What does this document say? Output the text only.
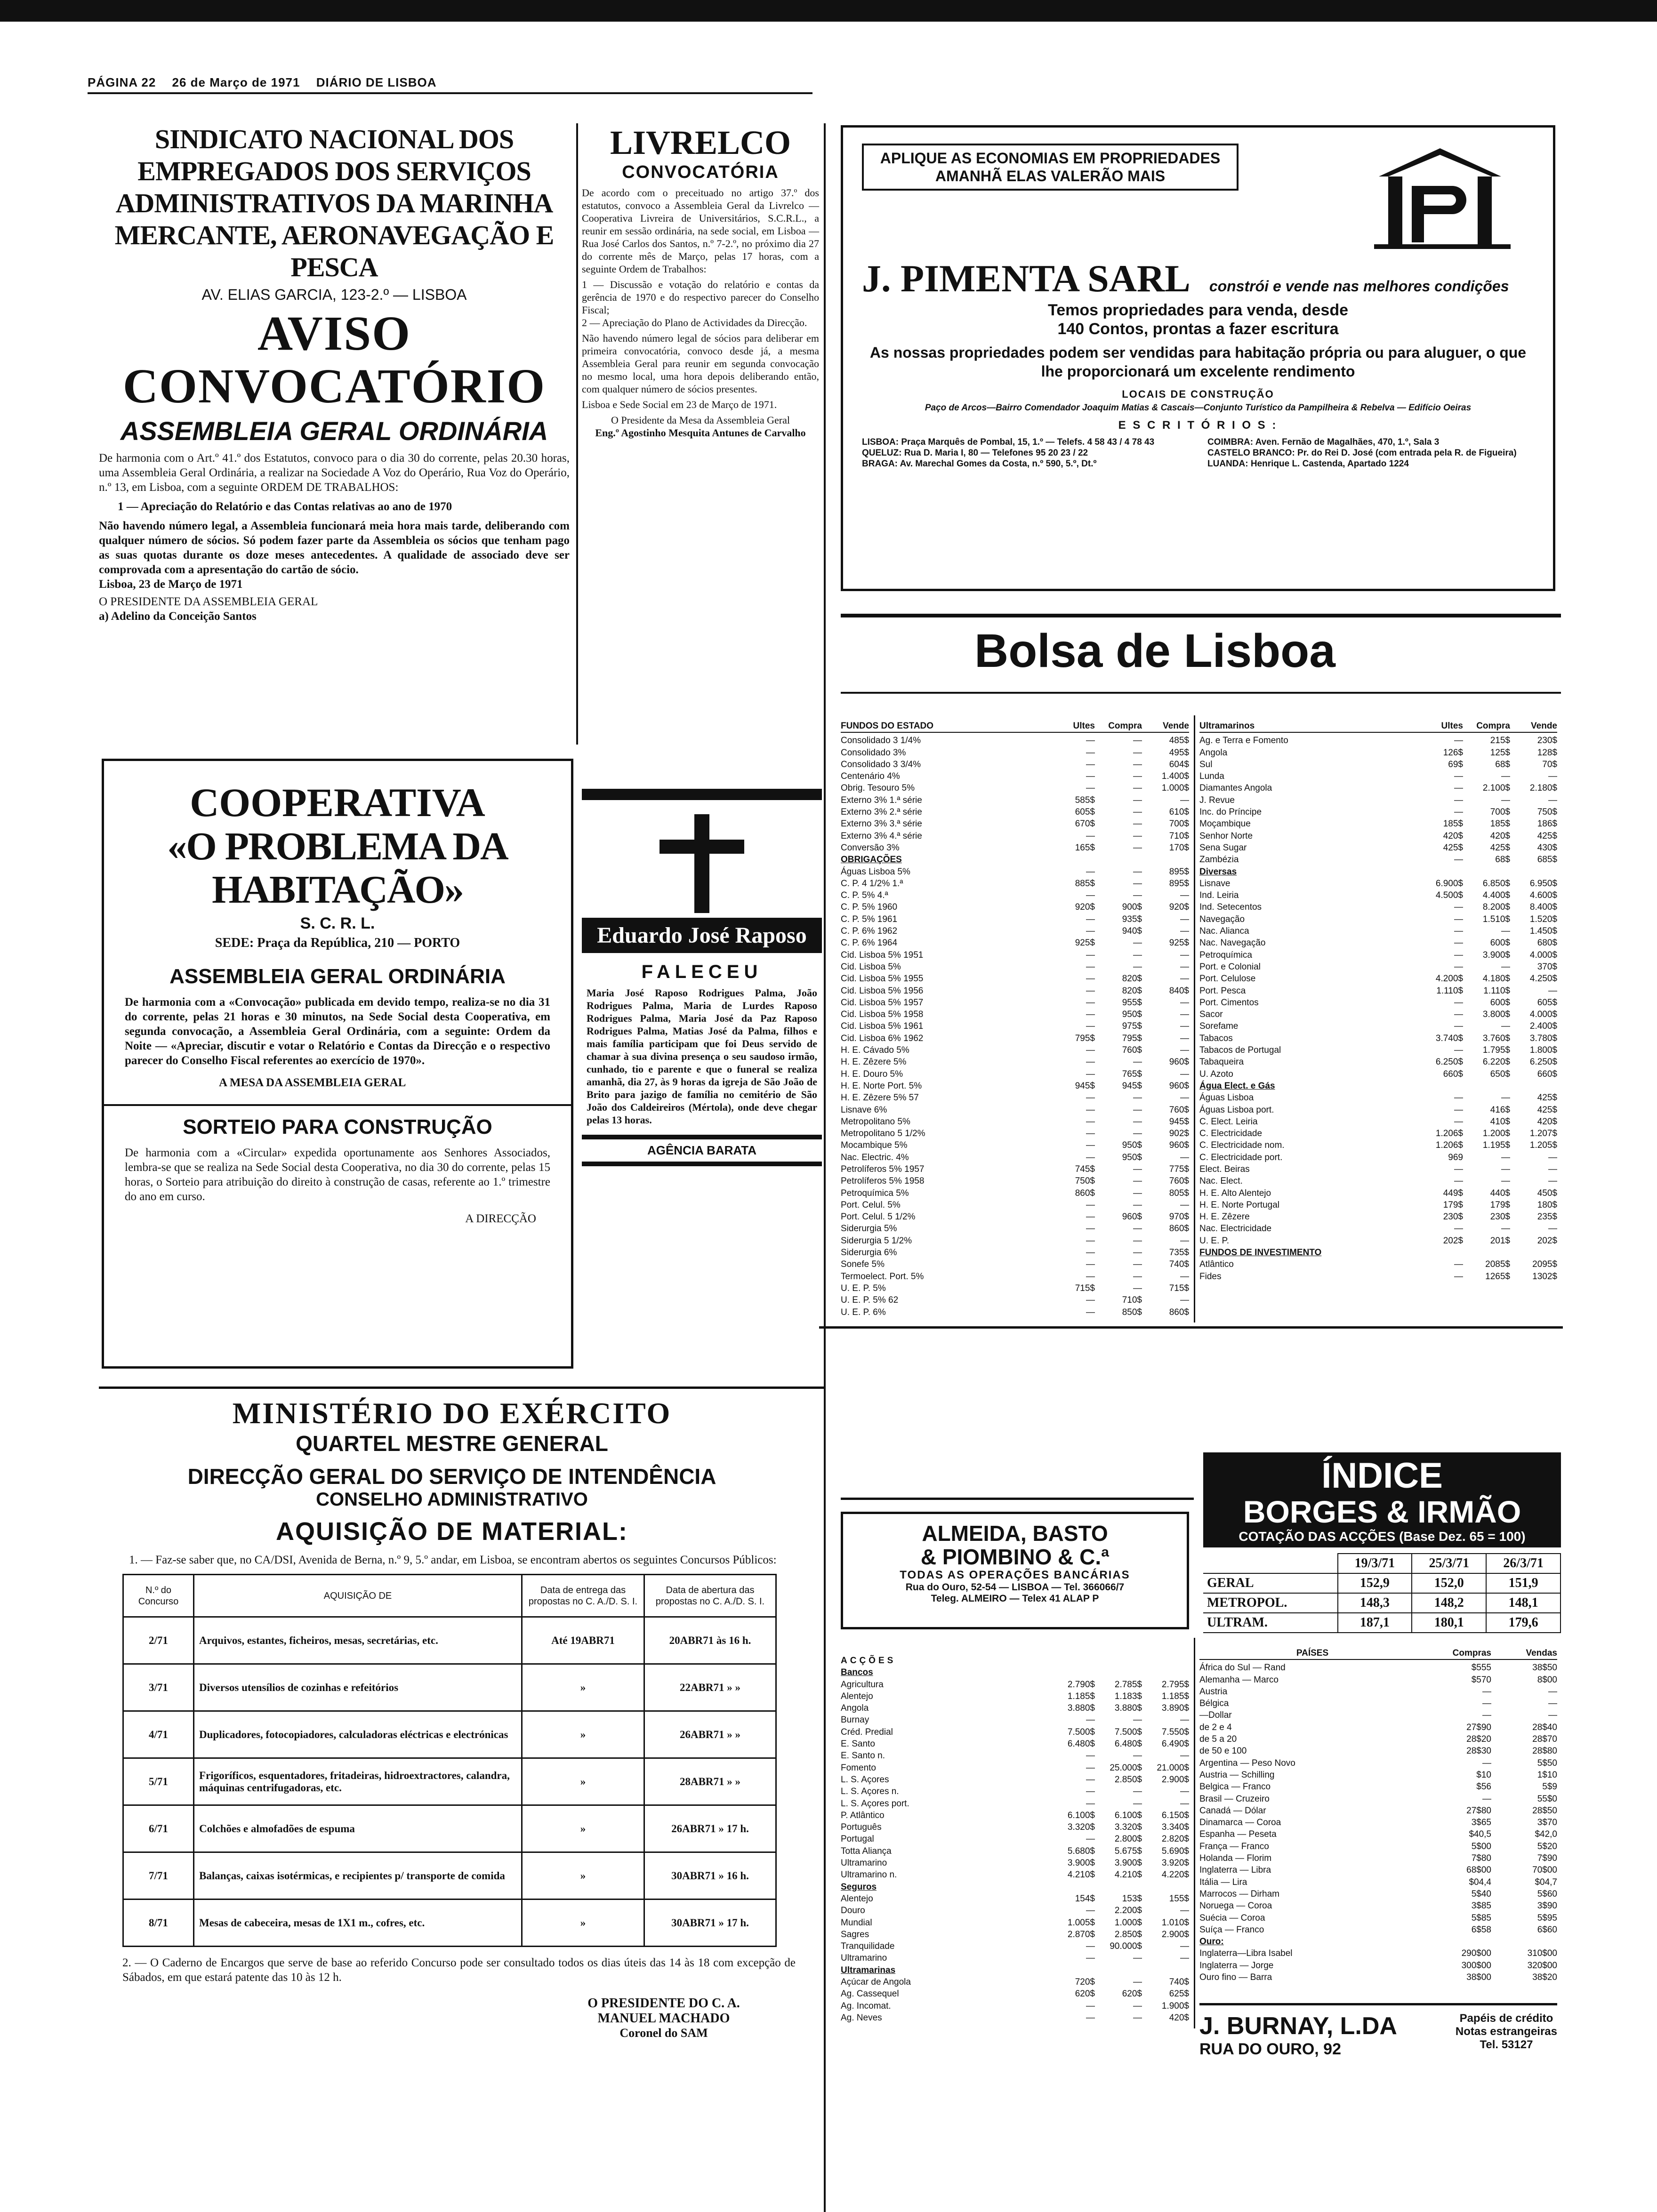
PÁGINA 22 26 de Março de 1971 DIÁRIO DE LISBOA
SINDICATO NACIONAL DOS EMPREGADOS DOS SERVIÇOS ADMINISTRATIVOS DA MARINHA MERCANTE, AERONAVEGAÇÃO E PESCA
AV. ELIAS GARCIA, 123-2.º — LISBOA
AVISO CONVOCATÓRIO
ASSEMBLEIA GERAL ORDINÁRIA

De harmonia com o Art.º 41.º dos Estatutos, convoco para o dia 30 do corrente, pelas 20.30 horas, uma Assembleia Geral Ordinária, a realizar na Sociedade A Voz do Operário, Rua Voz do Operário, n.º 13, em Lisboa, com a seguinte ORDEM DE TRABALHOS:

1 — Apreciação do Relatório e das Contas relativas ao ano de 1970

Não havendo número legal, a Assembleia funcionará meia hora mais tarde, deliberando com qualquer número de sócios. Só podem fazer parte da Assembleia os sócios que tenham pago as suas quotas durante os doze meses antecedentes. A qualidade de associado deve ser comprovada com a apresentação do cartão de sócio.

Lisboa, 23 de Março de 1971

O PRESIDENTE DA ASSEMBLEIA GERAL

a) Adelino da Conceição Santos

COOPERATIVA
«O PROBLEMA DA HABITAÇÃO»
S. C. R. L.
SEDE: Praça da República, 210 — PORTO
ASSEMBLEIA GERAL ORDINÁRIA

De harmonia com a «Convocação» publicada em devido tempo, realiza-se no dia 31 do corrente, pelas 21 horas e 30 minutos, na Sede Social desta Cooperativa, em segunda convocação, a Assembleia Geral Ordinária, com a seguinte: Ordem da Noite — «Apreciar, discutir e votar o Relatório e Contas da Direcção e o respectivo parecer do Conselho Fiscal referentes ao exercício de 1970».

A MESA DA ASSEMBLEIA GERAL

SORTEIO PARA CONSTRUÇÃO

De harmonia com a «Circular» expedida oportunamente aos Senhores Associados, lembra-se que se realiza na Sede Social desta Cooperativa, no dia 30 do corrente, pelas 15 horas, o Sorteio para atribuição do direito à construção de casas, referente ao 1.º trimestre do ano em curso.

A DIRECÇÃO

LIVRELCO
CONVOCATÓRIA

De acordo com o preceituado no artigo 37.º dos estatutos, convoco a Assembleia Geral da Livrelco — Cooperativa Livreira de Universitários, S.C.R.L., a reunir em sessão ordinária, na sede social, em Lisboa — Rua José Carlos dos Santos, n.º 7-2.º, no próximo dia 27 do corrente mês de Março, pelas 17 horas, com a seguinte Ordem de Trabalhos:

1 — Discussão e votação do relatório e contas da gerência de 1970 e do respectivo parecer do Conselho Fiscal;

2 — Apreciação do Plano de Actividades da Direcção.

Não havendo número legal de sócios para deliberar em primeira convocatória, convoco desde já, a mesma Assembleia Geral para reunir em segunda convocação no mesmo local, uma hora depois deliberando então, com qualquer número de sócios presentes.

Lisboa e Sede Social em 23 de Março de 1971.

O Presidente da Mesa da Assembleia Geral

Eng.º Agostinho Mesquita Antunes de Carvalho

Eduardo José Raposo
FALECEU

Maria José Raposo Rodrigues Palma, João Rodrigues Palma, Maria de Lurdes Raposo Rodrigues Palma, Maria José da Paz Raposo Rodrigues Palma, Matias José da Palma, filhos e mais família participam que foi Deus servido de chamar à sua divina presença o seu saudoso irmão, cunhado, tio e parente e que o funeral se realiza amanhã, dia 27, às 9 horas da igreja de São João de Brito para jazigo de família no cemitério de São João dos Caldeireiros (Mértola), onde deve chegar pelas 13 horas.

AGÊNCIA BARATA
APLIQUE AS ECONOMIAS EM PROPRIEDADES AMANHÃ ELAS VALERÃO MAIS
J. PIMENTA SARL constrói e vende nas melhores condições
Temos propriedades para venda, desde
140 Contos, prontas a fazer escritura
As nossas propriedades podem ser vendidas para habitação própria ou para aluguer, o que lhe proporcionará um excelente rendimento
LOCAIS DE CONSTRUÇÃO
Paço de Arcos—Bairro Comendador Joaquim Matias & Cascais—Conjunto Turístico da Pampilheira & Rebelva — Edifício Oeiras
E S C R I T Ó R I O S :
LISBOA: Praça Marquês de Pombal, 15, 1.º — Telefs. 4 58 43 / 4 78 43
QUELUZ: Rua D. Maria I, 80 — Telefones 95 20 23 / 22
BRAGA: Av. Marechal Gomes da Costa, n.º 590, 5.º, Dt.º
COIMBRA: Aven. Fernão de Magalhães, 470, 1.º, Sala 3
CASTELO BRANCO: Pr. do Rei D. José (com entrada pela R. de Figueira)
LUANDA: Henrique L. Castenda, Apartado 1224
Bolsa de Lisboa
FUNDOS DO ESTADO	Ultes	Compra	Vende
Consolidado 3 1/4%	—	—	485$
Consolidado 3%	—	—	495$
Consolidado 3 3/4%	—	—	604$
Centenário 4%	—	—	1.400$
Obrig. Tesouro 5%	—	—	1.000$
Externo 3% 1.ª série	585$	—	—
Externo 3% 2.ª série	605$	—	610$
Externo 3% 3.ª série	670$	—	700$
Externo 3% 4.ª série	—	—	710$
Conversão 3%	165$	—	170$
OBRIGAÇÕES
Águas Lisboa 5%	—	—	895$
C. P. 4 1/2% 1.ª	885$	—	895$
C. P. 5% 4.ª	—	—	—
C. P. 5% 1960	920$	900$	920$
C. P. 5% 1961	—	935$	—
C. P. 6% 1962	—	940$	—
C. P. 6% 1964	925$	—	925$
Cid. Lisboa 5% 1951	—	—	—
Cid. Lisboa 5%	—	—	—
Cid. Lisboa 5% 1955	—	820$	—
Cid. Lisboa 5% 1956	—	820$	840$
Cid. Lisboa 5% 1957	—	955$	—
Cid. Lisboa 5% 1958	—	950$	—
Cid. Lisboa 5% 1961	—	975$	—
Cid. Lisboa 6% 1962	795$	795$	—
H. E. Cávado 5%	—	760$	—
H. E. Zêzere 5%	—	—	960$
H. E. Douro 5%	—	765$	—
H. E. Norte Port. 5%	945$	945$	960$
H. E. Zêzere 5% 57	—	—	—
Lisnave 6%	—	—	760$
Metropolitano 5%	—	—	945$
Metropolitano 5 1/2%	—	—	902$
Mocambique 5%	—	950$	960$
Nac. Electric. 4%	—	950$	—
Petrolíferos 5% 1957	745$	—	775$
Petrolíferos 5% 1958	750$	—	760$
Petroquímica 5%	860$	—	805$
Port. Celul. 5%	—	—	—
Port. Celul. 5 1/2%	—	960$	970$
Siderurgia 5%	—	—	860$
Siderurgia 5 1/2%	—	—	—
Siderurgia 6%	—	—	735$
Sonefe 5%	—	—	740$
Termoelect. Port. 5%	—	—	—
U. E. P. 5%	715$	—	715$
U. E. P. 5% 62	—	710$	—
U. E. P. 6%	—	850$	860$
Ultramarinos	Ultes	Compra	Vende
Ag. e Terra e Fomento	—	215$	230$
Angola	126$	125$	128$
Sul	69$	68$	70$
Lunda	—	—	—
Diamantes Angola	—	2.100$	2.180$
J. Revue	—	—	—
Inc. do Príncipe	—	700$	750$
Moçambique	185$	185$	186$
Senhor Norte	420$	420$	425$
Sena Sugar	425$	425$	430$
Zambézia	—	68$	685$
Diversas
Lisnave	6.900$	6.850$	6.950$
Ind. Leiria	4.500$	4.400$	4.600$
Ind. Setecentos	—	8.200$	8.400$
Navegação	—	1.510$	1.520$
Nac. Alianca	—	—	1.450$
Nac. Navegação	—	600$	680$
Petroquímica	—	3.900$	4.000$
Port. e Colonial	—	—	370$
Port. Celulose	4.200$	4.180$	4.250$
Port. Pesca	1.110$	1.110$	—
Port. Cimentos	—	600$	605$
Sacor	—	3.800$	4.000$
Sorefame	—	—	2.400$
Tabacos	3.740$	3.760$	3.780$
Tabacos de Portugal	—	1.795$	1.800$
Tabaqueira	6.250$	6.220$	6.250$
U. Azoto	660$	650$	660$
Água Elect. e Gás
Águas Lisboa	—	—	425$
Águas Lisboa port.	—	416$	425$
C. Elect. Leiria	—	410$	420$
C. Electricidade	1.206$	1.200$	1.207$
C. Electricidade nom.	1.206$	1.195$	1.205$
C. Electricidade port.	969	—	—
Elect. Beiras	—	—	—
Nac. Elect.	—	—	—
H. E. Alto Alentejo	449$	440$	450$
H. E. Norte Portugal	179$	179$	180$
H. E. Zêzere	230$	230$	235$
Nac. Electricidade	—	—	—
U. E. P.	202$	201$	202$
FUNDOS DE INVESTIMENTO
Atlântico	—	2085$	2095$
Fides	—	1265$	1302$
ÍNDICE
BORGES & IRMÃO
COTAÇÃO DAS ACÇÕES (Base Dez. 65 = 100)
	19/3/71	25/3/71	26/3/71
GERAL	152,9	152,0	151,9
METROPOL.	148,3	148,2	148,1
ULTRAM.	187,1	180,1	179,6
ALMEIDA, BASTO
& PIOMBINO & C.ª
TODAS AS OPERAÇÕES BANCÁRIAS
Rua do Ouro, 52-54 — LISBOA — Tel. 366066/7
Teleg. ALMEIRO — Telex 41 ALAP P
ACÇÕES
Bancos
Agricultura	2.790$	2.785$	2.795$
Alentejo	1.185$	1.183$	1.185$
Angola	3.880$	3.880$	3.890$
Burnay	—	—	—
Créd. Predial	7.500$	7.500$	7.550$
E. Santo	6.480$	6.480$	6.490$
E. Santo n.	—	—	—
Fomento	—	25.000$	21.000$
L. S. Açores	—	2.850$	2.900$
L. S. Açores n.	—	—	—
L. S. Açores port.	—	—	—
P. Atlântico	6.100$	6.100$	6.150$
Português	3.320$	3.320$	3.340$
Portugal	—	2.800$	2.820$
Totta Aliança	5.680$	5.675$	5.690$
Ultramarino	3.900$	3.900$	3.920$
Ultramarino n.	4.210$	4.210$	4.220$
Seguros
Alentejo	154$	153$	155$
Douro	—	2.200$	—
Mundial	1.005$	1.000$	1.010$
Sagres	2.870$	2.850$	2.900$
Tranquilidade	—	90.000$	—
Ultramarino	—	—	—
Ultramarinas
Açúcar de Angola	720$	—	740$
Ag. Cassequel	620$	620$	625$
Ag. Incomat.	—	—	1.900$
Ag. Neves	—	—	420$
PAÍSES	Compras	Vendas
África do Sul — Rand	$555	38$50
Alemanha — Marco	$570	8$00
Austria	—	—
Bélgica	—	—
—Dollar	—	—
de 2 e 4	27$90	28$40
de 5 a 20	28$20	28$70
de 50 e 100	28$30	28$80
Argentina — Peso Novo	—	5$50
Austria — Schilling	$10	1$10
Belgica — Franco	$56	5$9
Brasil — Cruzeiro	—	55$0
Canadá — Dólar	27$80	28$50
Dinamarca — Coroa	3$65	3$70
Espanha — Peseta	$40,5	$42,0
França — Franco	5$00	5$20
Holanda — Florim	7$80	7$90
Inglaterra — Libra	68$00	70$00
Itália — Lira	$04,4	$04,7
Marrocos — Dirham	5$40	5$60
Noruega — Coroa	3$85	3$90
Suécia — Coroa	5$85	5$95
Suíça — Franco	6$58	6$60
Ouro:
Inglaterra—Libra Isabel	290$00	310$00
Inglaterra — Jorge	300$00	320$00
Ouro fino — Barra	38$00	38$20
J. BURNAY, L.DA
RUA DO OURO, 92
Papéis de crédito
Notas estrangeiras
Tel. 53127
MINISTÉRIO DO EXÉRCITO
QUARTEL MESTRE GENERAL
DIRECÇÃO GERAL DO SERVIÇO DE INTENDÊNCIA
CONSELHO ADMINISTRATIVO
AQUISIÇÃO DE MATERIAL:

1. — Faz-se saber que, no CA/DSI, Avenida de Berna, n.º 9, 5.º andar, em Lisboa, se encontram abertos os seguintes Concursos Públicos:

N.º do Concurso	AQUISIÇÃO DE	Data de entrega das propostas no C. A./D. S. I.	Data de abertura das propostas no C. A./D. S. I.
2/71	Arquivos, estantes, ficheiros, mesas, secretárias, etc.	Até 19ABR71	20ABR71 às 16 h.
3/71	Diversos utensílios de cozinhas e refeitórios	»	22ABR71 » »
4/71	Duplicadores, fotocopiadores, calculadoras eléctricas e electrónicas	»	26ABR71 » »
5/71	Frigoríficos, esquentadores, fritadeiras, hidroextractores, calandra, máquinas centrifugadoras, etc.	»	28ABR71 » »
6/71	Colchões e almofadões de espuma	»	26ABR71 » 17 h.
7/71	Balanças, caixas isotérmicas, e recipientes p/ transporte de comida	»	30ABR71 » 16 h.
8/71	Mesas de cabeceira, mesas de 1X1 m., cofres, etc.	»	30ABR71 » 17 h.

2. — O Caderno de Encargos que serve de base ao referido Concurso pode ser consultado todos os dias úteis das 14 às 18 com excepção de Sábados, em que estará patente das 10 às 12 h.

O PRESIDENTE DO C. A.
MANUEL MACHADO
Coronel do SAM
